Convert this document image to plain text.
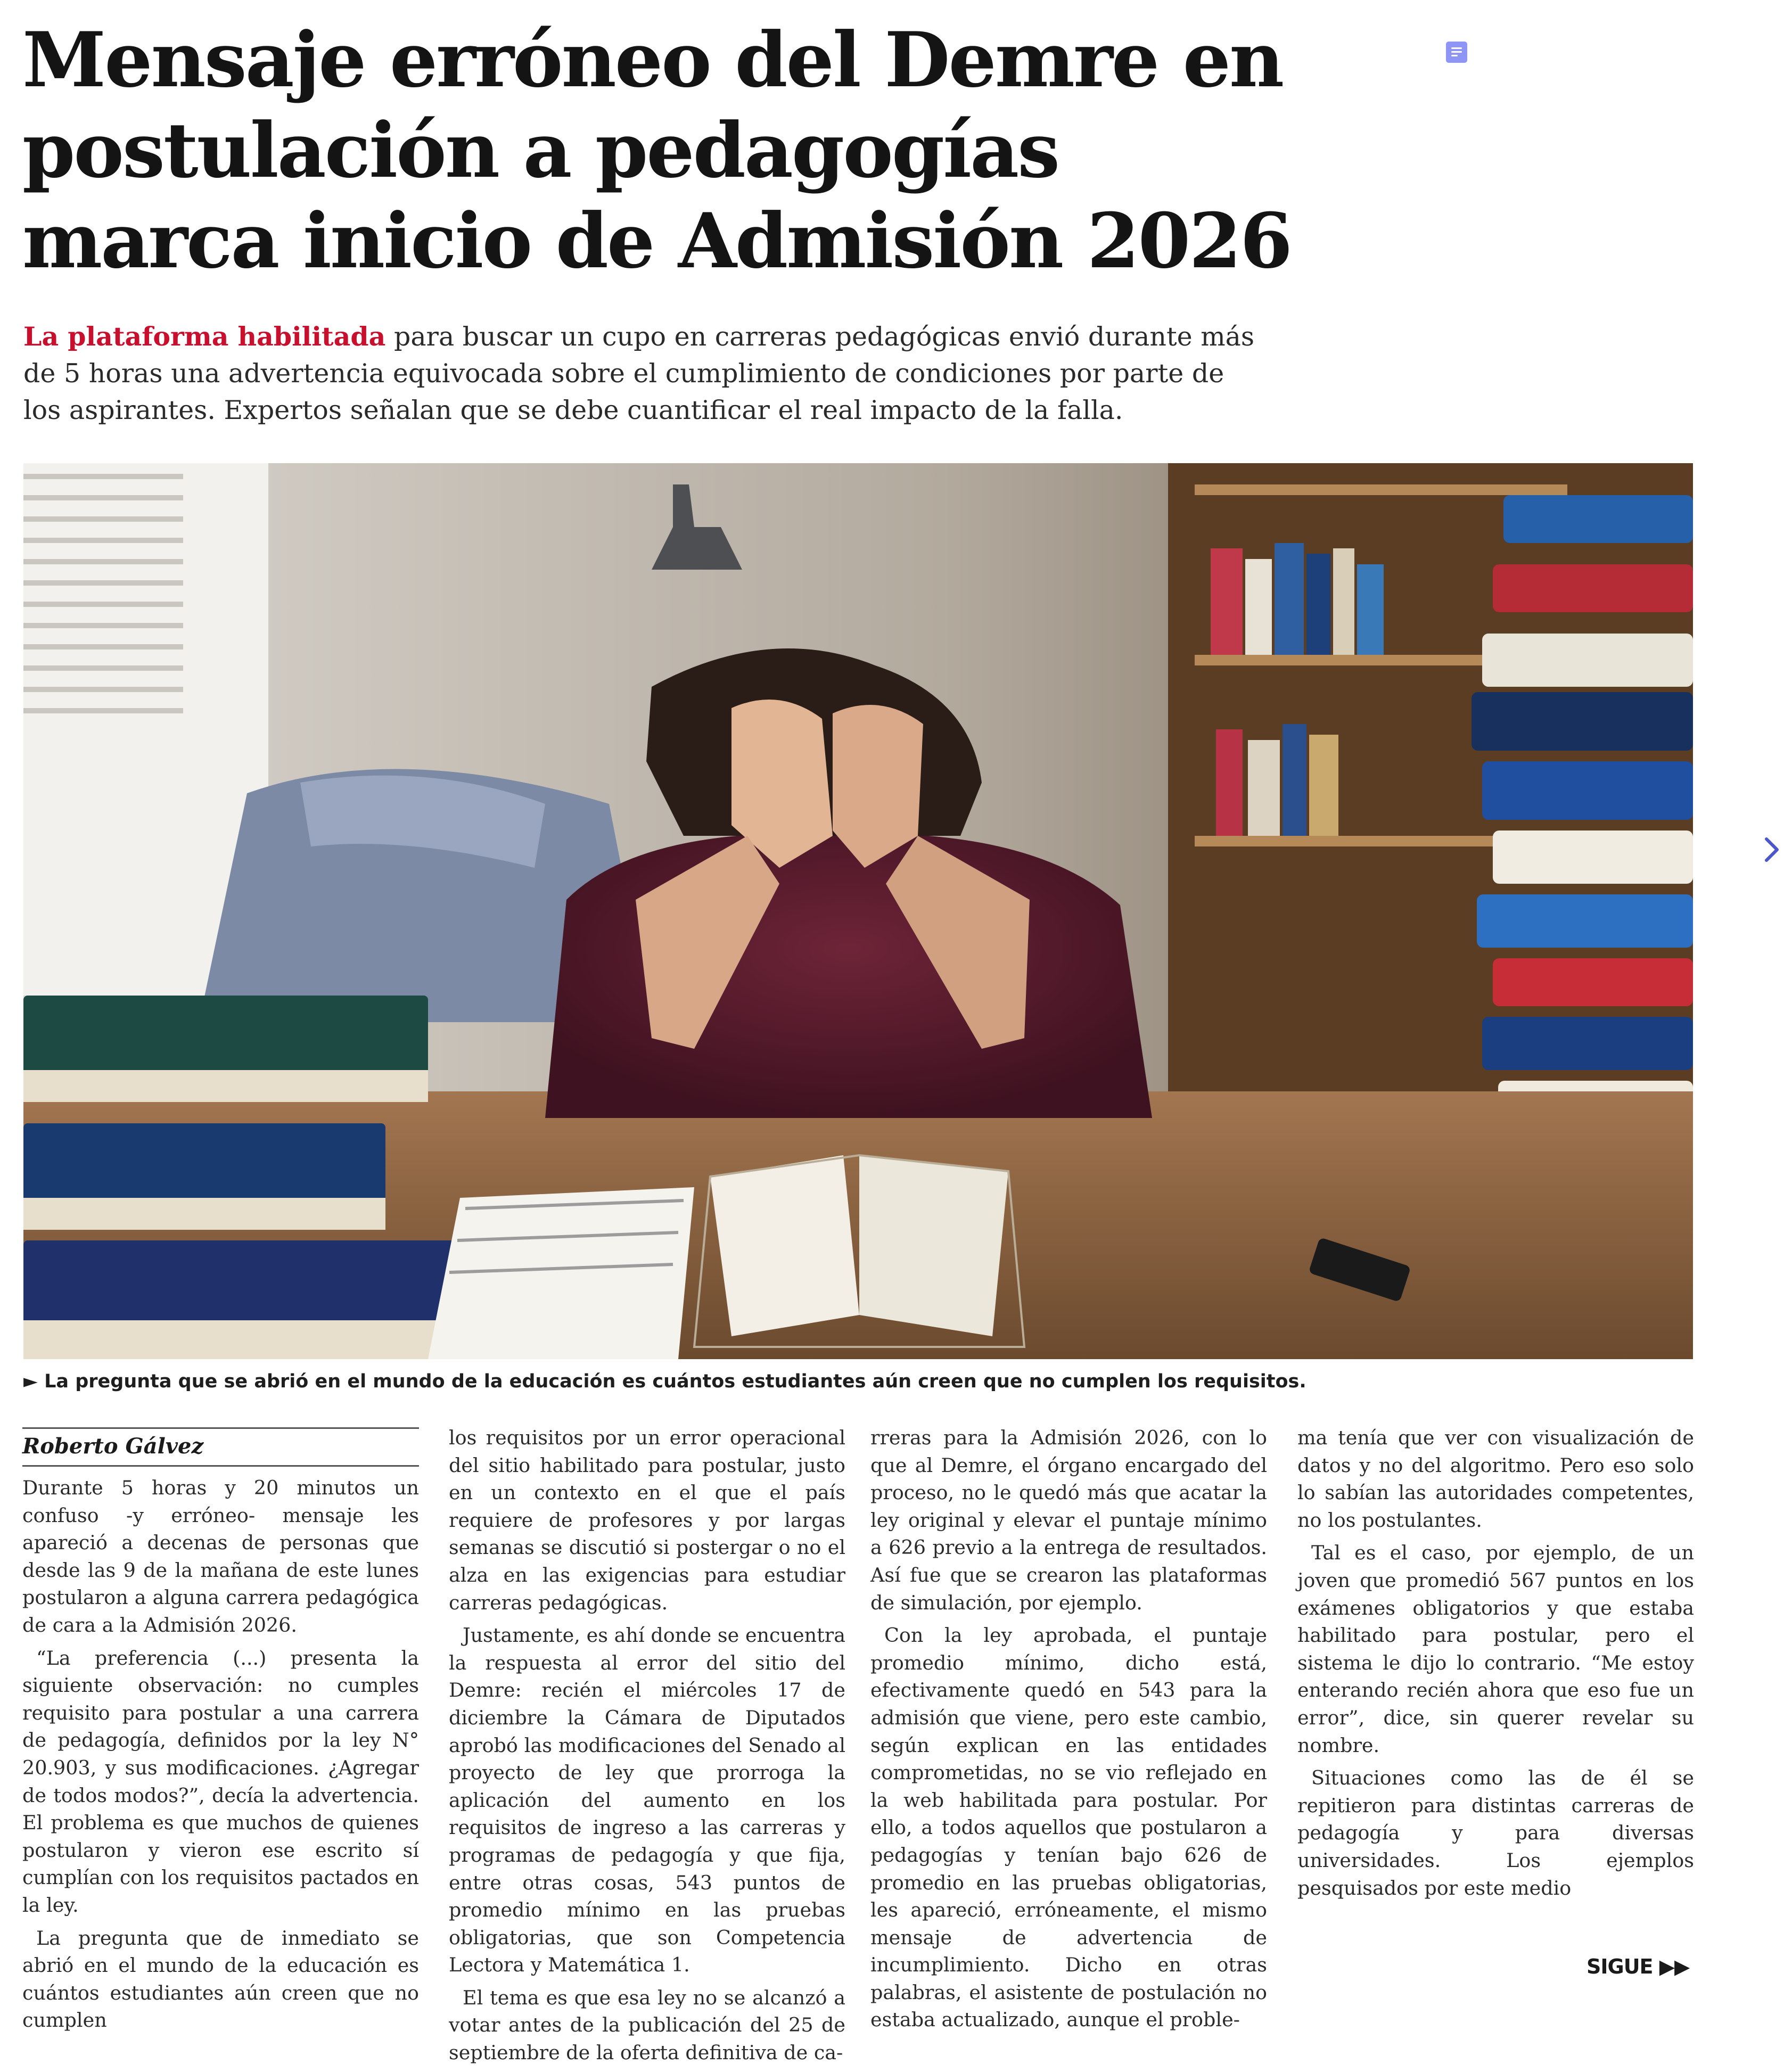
Mensaje erróneo del Demre en postulación a pedagogías marca inicio de Admisión 2026

La plataforma habilitada para buscar un cupo en carreras pedagógicas envió durante más de 5 horas una advertencia equivocada sobre el cumplimiento de condiciones por parte de los aspirantes. Expertos señalan que se debe cuantificar el real impacto de la falla.

► La pregunta que se abrió en el mundo de la educación es cuántos estudiantes aún creen que no cumplen los requisitos.
Roberto Gálvez

Durante 5 horas y 20 minutos un confuso -y erróneo- mensaje les apareció a decenas de personas que desde las 9 de la mañana de este lunes postularon a alguna carrera pedagógica de cara a la Admisión 2026.

“La preferencia (...) presenta la siguiente observación: no cumples requisito para postular a una carrera de pedagogía, definidos por la ley N° 20.903, y sus modificaciones. ¿Agregar de todos modos?”, decía la advertencia. El problema es que muchos de quienes postularon y vieron ese escrito sí cumplían con los requisitos pactados en la ley.

La pregunta que de inmediato se abrió en el mundo de la educación es cuántos estudiantes aún creen que no cumplen

los requisitos por un error operacional del sitio habilitado para postular, justo en un contexto en el que el país requiere de profesores y por largas semanas se discutió si postergar o no el alza en las exigencias para estudiar carreras pedagógicas.

Justamente, es ahí donde se encuentra la respuesta al error del sitio del Demre: recién el miércoles 17 de diciembre la Cámara de Diputados aprobó las modificaciones del Senado al proyecto de ley que prorroga la aplicación del aumento en los requisitos de ingreso a las carreras y programas de pedagogía y que fija, entre otras cosas, 543 puntos de promedio mínimo en las pruebas obligatorias, que son Competencia Lectora y Matemática 1.

El tema es que esa ley no se alcanzó a votar antes de la publicación del 25 de septiembre de la oferta definitiva de ca-

rreras para la Admisión 2026, con lo que al Demre, el órgano encargado del proceso, no le quedó más que acatar la ley original y elevar el puntaje mínimo a 626 previo a la entrega de resultados. Así fue que se crearon las plataformas de simulación, por ejemplo.

Con la ley aprobada, el puntaje promedio mínimo, dicho está, efectivamente quedó en 543 para la admisión que viene, pero este cambio, según explican en las entidades comprometidas, no se vio reflejado en la web habilitada para postular. Por ello, a todos aquellos que postularon a pedagogías y tenían bajo 626 de promedio en las pruebas obligatorias, les apareció, erróneamente, el mismo mensaje de advertencia de incumplimiento. Dicho en otras palabras, el asistente de postulación no estaba actualizado, aunque el proble-

ma tenía que ver con visualización de datos y no del algoritmo. Pero eso solo lo sabían las autoridades competentes, no los postulantes.

Tal es el caso, por ejemplo, de un joven que promedió 567 puntos en los exámenes obligatorios y que estaba habilitado para postular, pero el sistema le dijo lo contrario. “Me estoy enterando recién ahora que eso fue un error”, dice, sin querer revelar su nombre.

Situaciones como las de él se repitieron para distintas carreras de pedagogía y para diversas universidades. Los ejemplos pesquisados por este medio

SIGUE ▶▶
